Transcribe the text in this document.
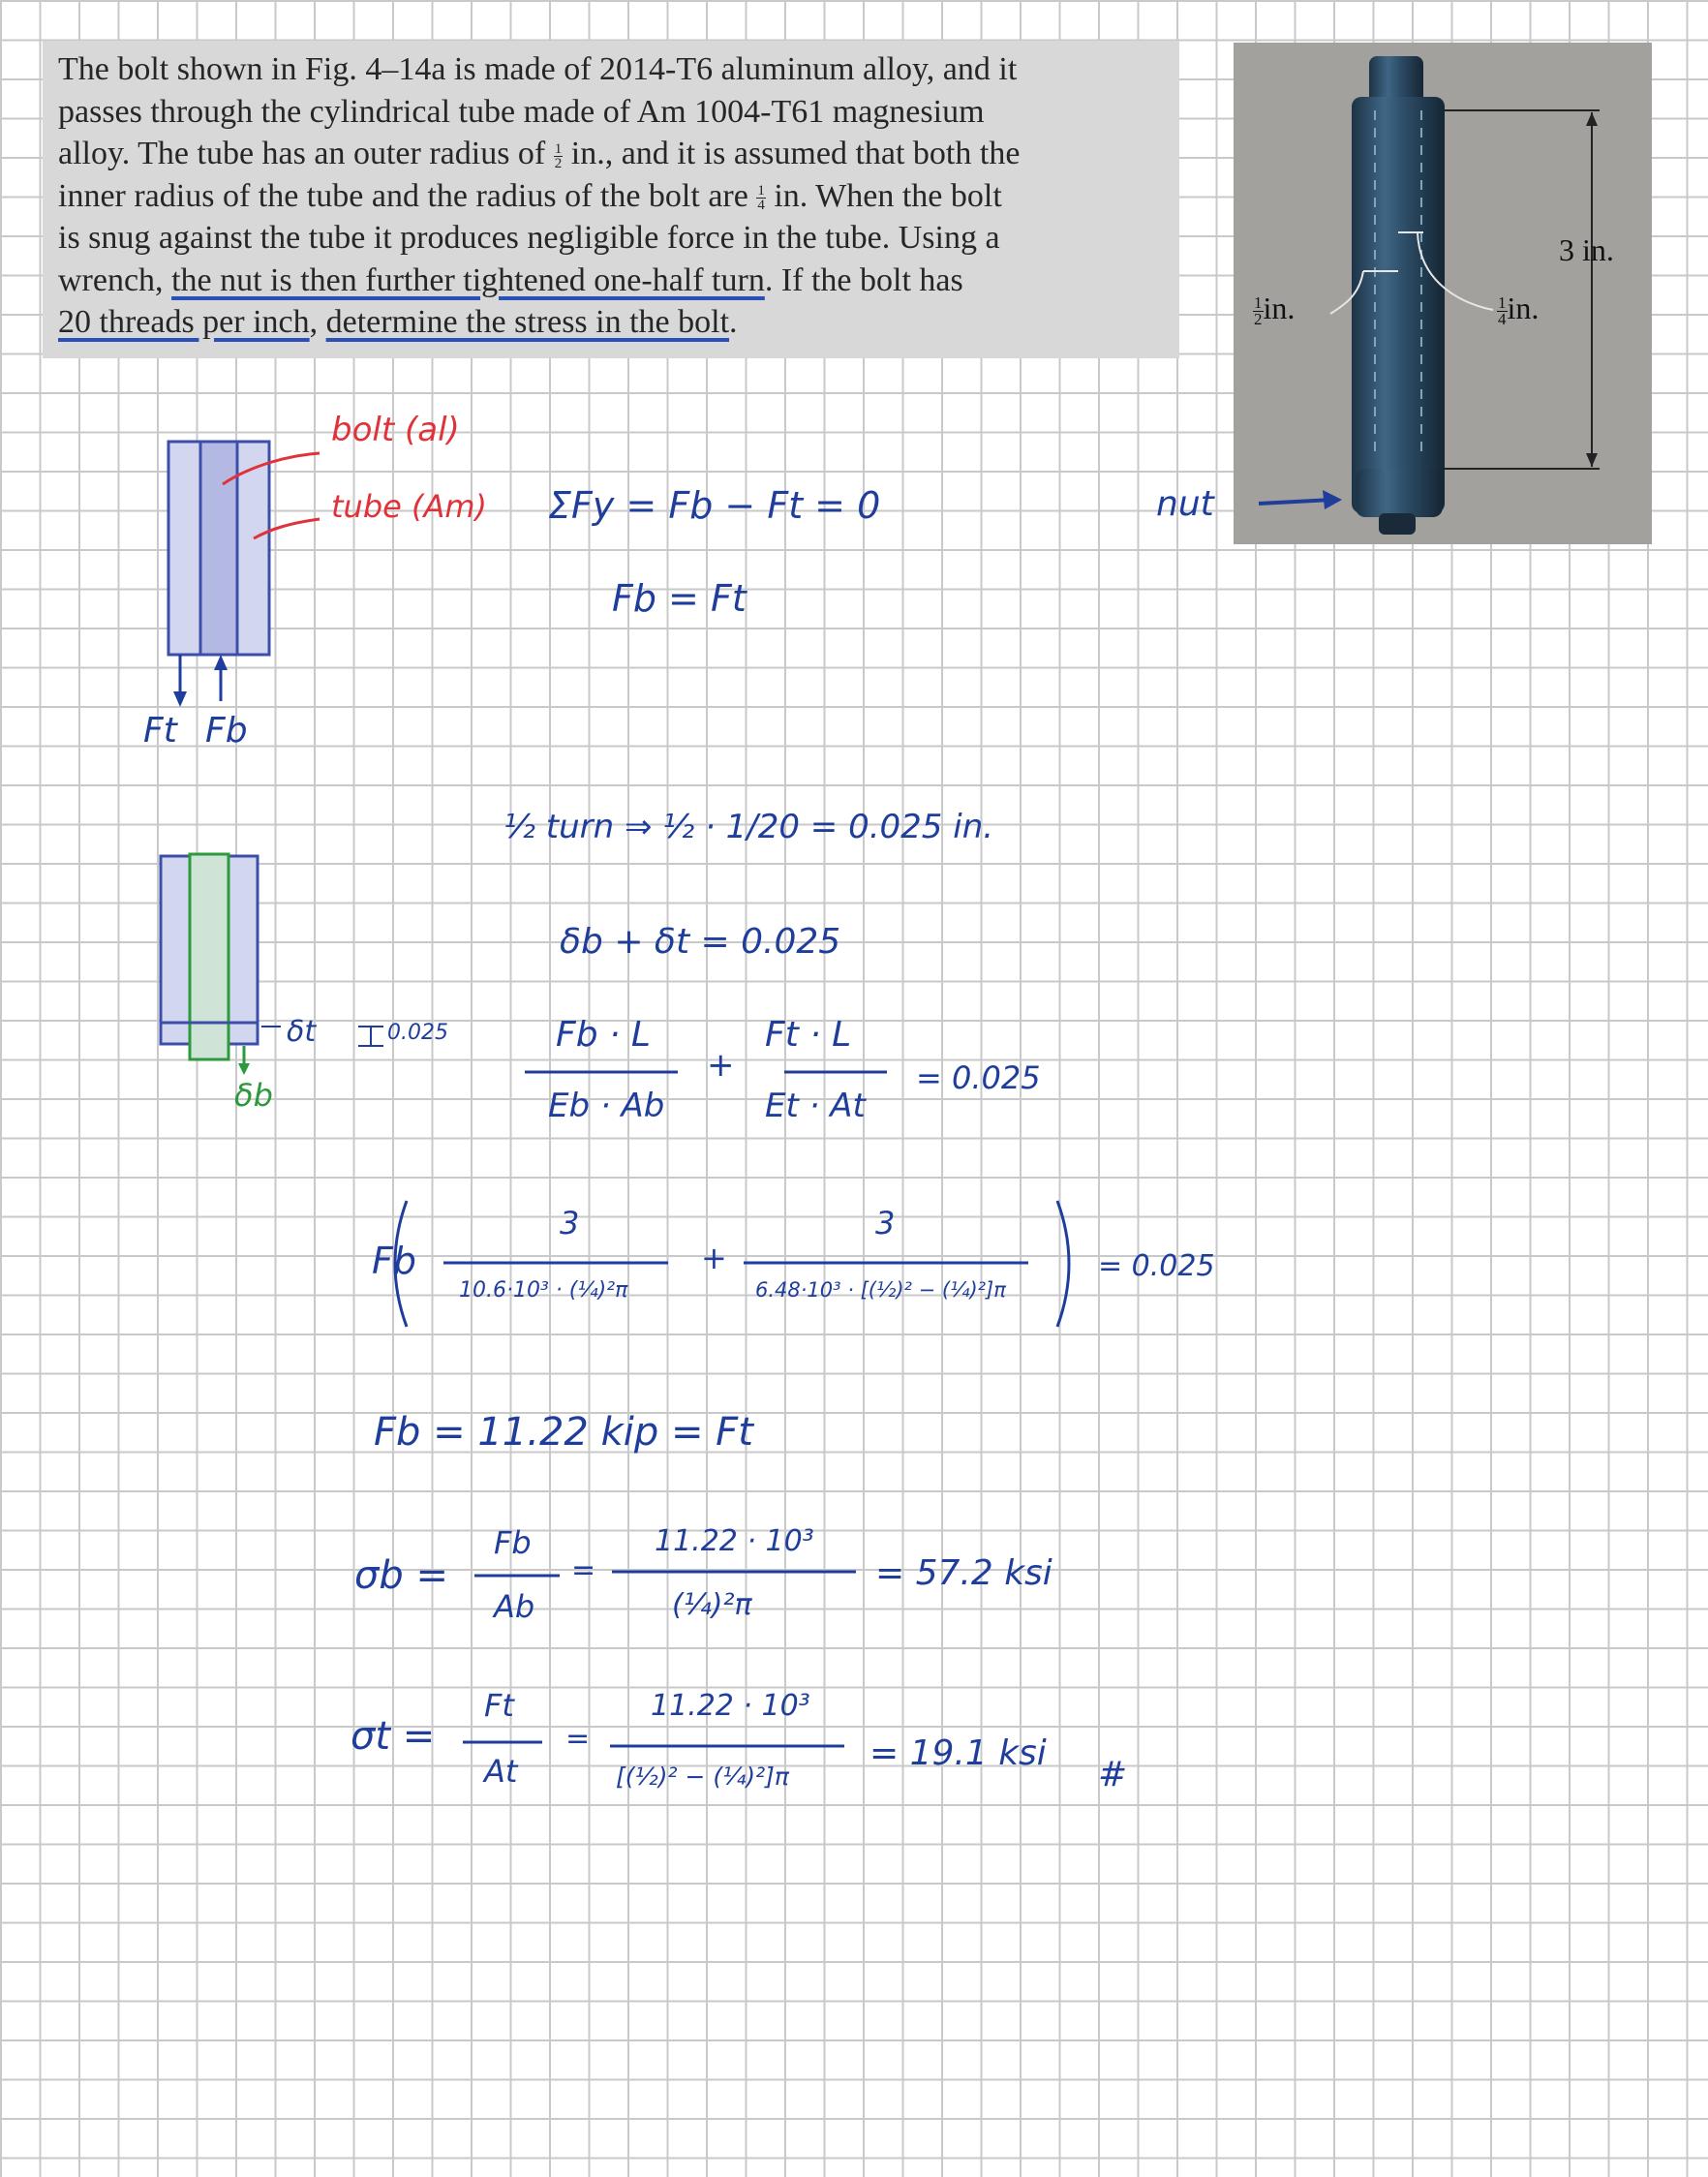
The bolt shown in Fig. 4–14a is made of 2014-T6 aluminum alloy, and it
passes through the cylindrical tube made of Am 1004-T61 magnesium
alloy. The tube has an outer radius of $\frac{1}{2}$ in., and it is assumed that both the
inner radius of the tube and the radius of the bolt are $\frac{1}{4}$ in. When the bolt
is snug against the tube it produces negligible force in the tube. Using a
wrench, the nut is then further tightened one-half turn. If the bolt has
20 threads per inch, determine the stress in the bolt.
3 in.
$\frac{1}{2}$ in.	$\frac{1}{4}$ in.
bolt (al)
tube (Am)
Ft Fb
nut
ΣFy = Fb − Ft = 0
Fb = Ft
½ turn ⇒ ½ · 1/20 = 0.025 in.
δb + δt = 0.025
δt	0.025
δb
Fb · L
Eb · Ab
+
Ft · L
Et · At
= 0.025
Fb
3
10.6·10³ · (¼)²π
+
3
6.48·10³ · [(½)² − (¼)²]π
= 0.025
Fb = 11.22 kip = Ft
σb =
Fb
Ab
=
11.22 · 10³
(¼)²π
= 57.2 ksi
σt =
Ft
At
=
11.22 · 10³
[(½)² − (¼)²]π
= 19.1 ksi
#
